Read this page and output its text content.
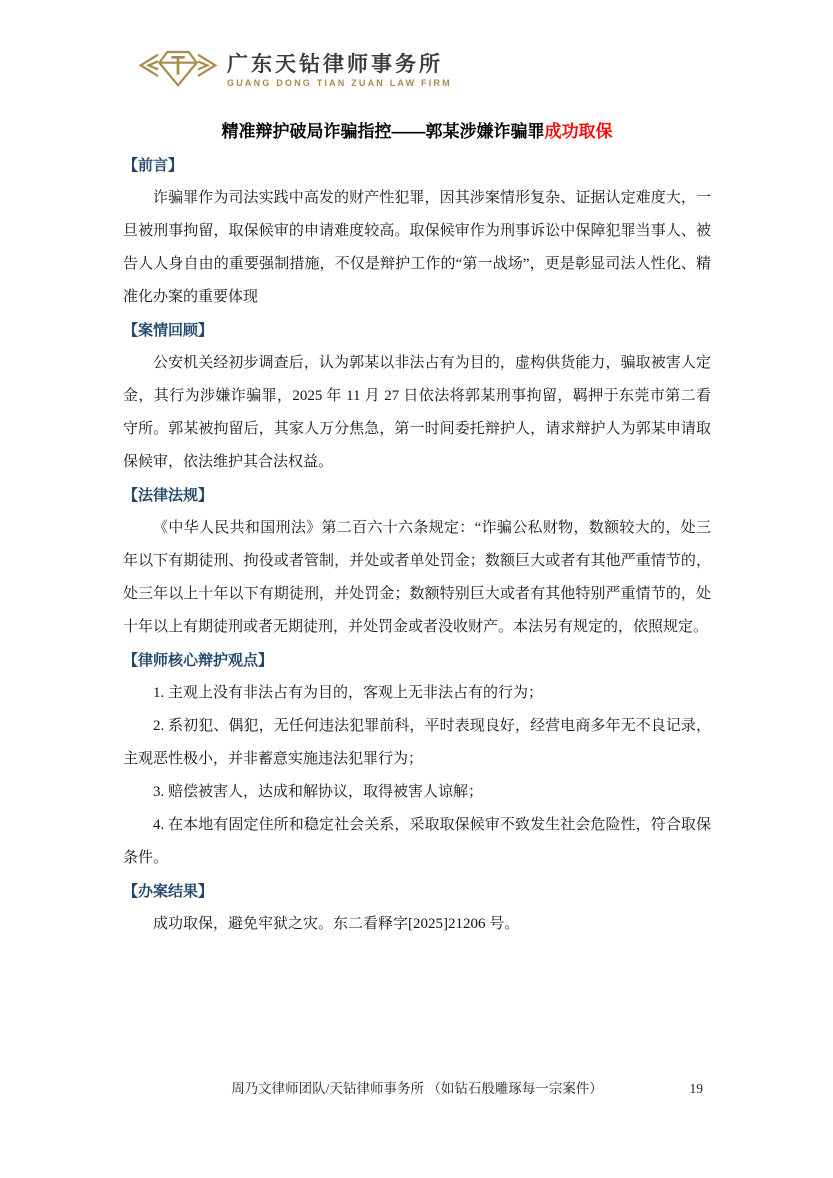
广东天钻律师事务所
GUANG DONG TIAN ZUAN LAW FIRM
精准辩护破局诈骗指控——郭某涉嫌诈骗罪成功取保
【前言】

诈骗罪作为司法实践中高发的财产性犯罪，因其涉案情形复杂、证据认定难度大，一旦被刑事拘留，取保候审的申请难度较高。取保候审作为刑事诉讼中保障犯罪当事人、被告人人身自由的重要强制措施，不仅是辩护工作的“第一战场”，更是彰显司法人性化、精准化办案的重要体现

【案情回顾】

公安机关经初步调查后，认为郭某以非法占有为目的，虚构供货能力，骗取被害人定金，其行为涉嫌诈骗罪，2025 年 11 月 27 日依法将郭某刑事拘留，羁押于东莞市第二看守所。郭某被拘留后，其家人万分焦急，第一时间委托辩护人，请求辩护人为郭某申请取保候审，依法维护其合法权益。

【法律法规】

《中华人民共和国刑法》第二百六十六条规定：“诈骗公私财物，数额较大的，处三年以下有期徒刑、拘役或者管制，并处或者单处罚金；数额巨大或者有其他严重情节的，处三年以上十年以下有期徒刑，并处罚金；数额特别巨大或者有其他特别严重情节的，处十年以上有期徒刑或者无期徒刑，并处罚金或者没收财产。本法另有规定的，依照规定。

【律师核心辩护观点】

1. 主观上没有非法占有为目的，客观上无非法占有的行为；

2. 系初犯、偶犯，无任何违法犯罪前科，平时表现良好，经营电商多年无不良记录，主观恶性极小，并非蓄意实施违法犯罪行为；

3. 赔偿被害人，达成和解协议，取得被害人谅解；

4. 在本地有固定住所和稳定社会关系，采取取保候审不致发生社会危险性，符合取保条件。

【办案结果】

成功取保，避免牢狱之灾。东二看释字[2025]21206 号。

周乃文律师团队/天钻律师事务所 （如钻石般雕琢每一宗案件）	19
